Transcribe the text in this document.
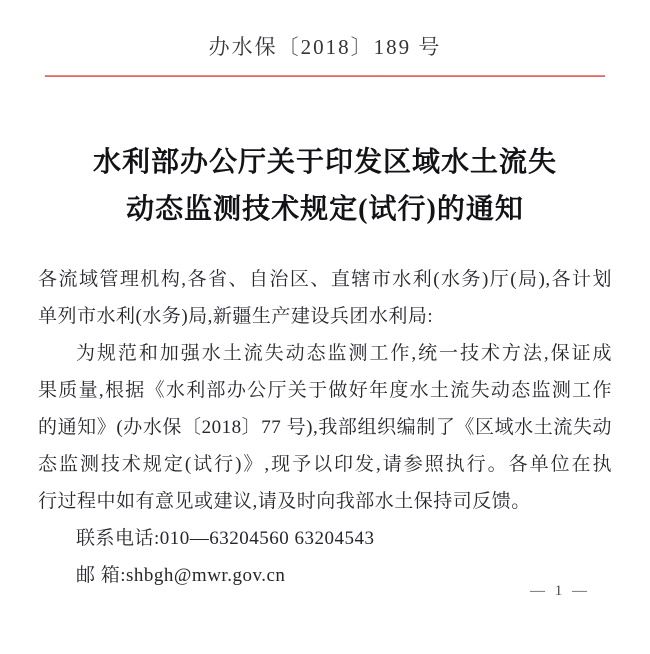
办水保〔2018〕189 号
水利部办公厅关于印发区域水土流失
动态监测技术规定(试行)的通知
各流域管理机构,各省、自治区、直辖市水利(水务)厅(局),各计划
单列市水利(水务)局,新疆生产建设兵团水利局:
为规范和加强水土流失动态监测工作,统一技术方法,保证成
果质量,根据《水利部办公厅关于做好年度水土流失动态监测工作
的通知》(办水保〔2018〕77 号),我部组织编制了《区域水土流失动
态监测技术规定(试行)》,现予以印发,请参照执行。各单位在执
行过程中如有意见或建议,请及时向我部水土保持司反馈。
联系电话:010—63204560 63204543
邮 箱:shbgh@mwr.gov.cn
— 1 —
